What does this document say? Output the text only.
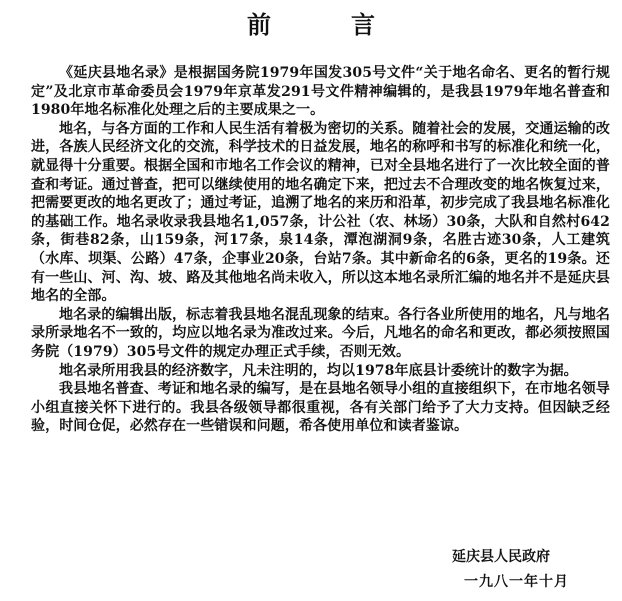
前　言

《延庆县地名录》是根据国务院1979年国发305号文件“关于地名命名、更名的暂行规定”及北京市革命委员会1979年京革发291号文件精神编辑的，是我县1979年地名普查和1980年地名标准化处理之后的主要成果之一。

地名，与各方面的工作和人民生活有着极为密切的关系。随着社会的发展，交通运输的改进，各族人民经济文化的交流，科学技术的日益发展，地名的称呼和书写的标准化和统一化，就显得十分重要。根据全国和市地名工作会议的精神，已对全县地名进行了一次比较全面的普查和考证。通过普查，把可以继续使用的地名确定下来，把过去不合理改变的地名恢复过来，把需要更改的地名更改了；通过考证，追溯了地名的来历和沿革，初步完成了我县地名标准化的基础工作。地名录收录我县地名1,057条，计公社（农、林场）30条，大队和自然村642条，街巷82条，山159条，河17条，泉14条，潭泡湖洞9条，名胜古迹30条，人工建筑（水库、坝渠、公路）47条，企事业20条，台站7条。其中新命名的6条，更名的19条。还有一些山、河、沟、坡、路及其他地名尚未收入，所以这本地名录所汇编的地名并不是延庆县地名的全部。

地名录的编辑出版，标志着我县地名混乱现象的结束。各行各业所使用的地名，凡与地名录所录地名不一致的，均应以地名录为准改过来。今后，凡地名的命名和更改，都必须按照国务院（1979）305号文件的规定办理正式手续，否则无效。

地名录所用我县的经济数字，凡未注明的，均以1978年底县计委统计的数字为据。

我县地名普查、考证和地名录的编写，是在县地名领导小组的直接组织下，在市地名领导小组直接关怀下进行的。我县各级领导都很重视，各有关部门给予了大力支持。但因缺乏经验，时间仓促，必然存在一些错误和问题，希各使用单位和读者鉴谅。

延庆县人民政府
一九八一年十月
